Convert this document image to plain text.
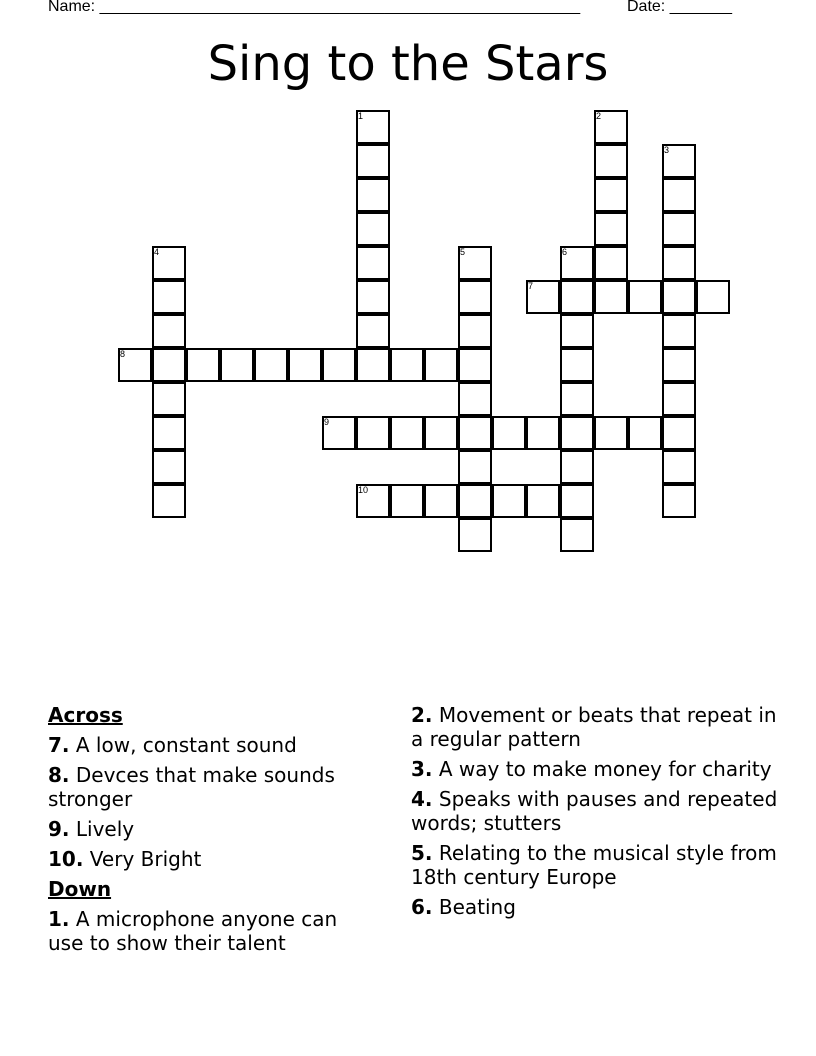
Name: ______________________________________________________	Date: _______
Sing to the Stars
1	2
3
4	5	6
7
8
9
10
Across
7. A low, constant sound
8. Devces that make sounds stronger
9. Lively
10. Very Bright
Down
1. A microphone anyone can use to show their talent
2. Movement or beats that repeat in a regular pattern
3. A way to make money for charity
4. Speaks with pauses and repeated words; stutters
5. Relating to the musical style from 18th century Europe
6. Beating
